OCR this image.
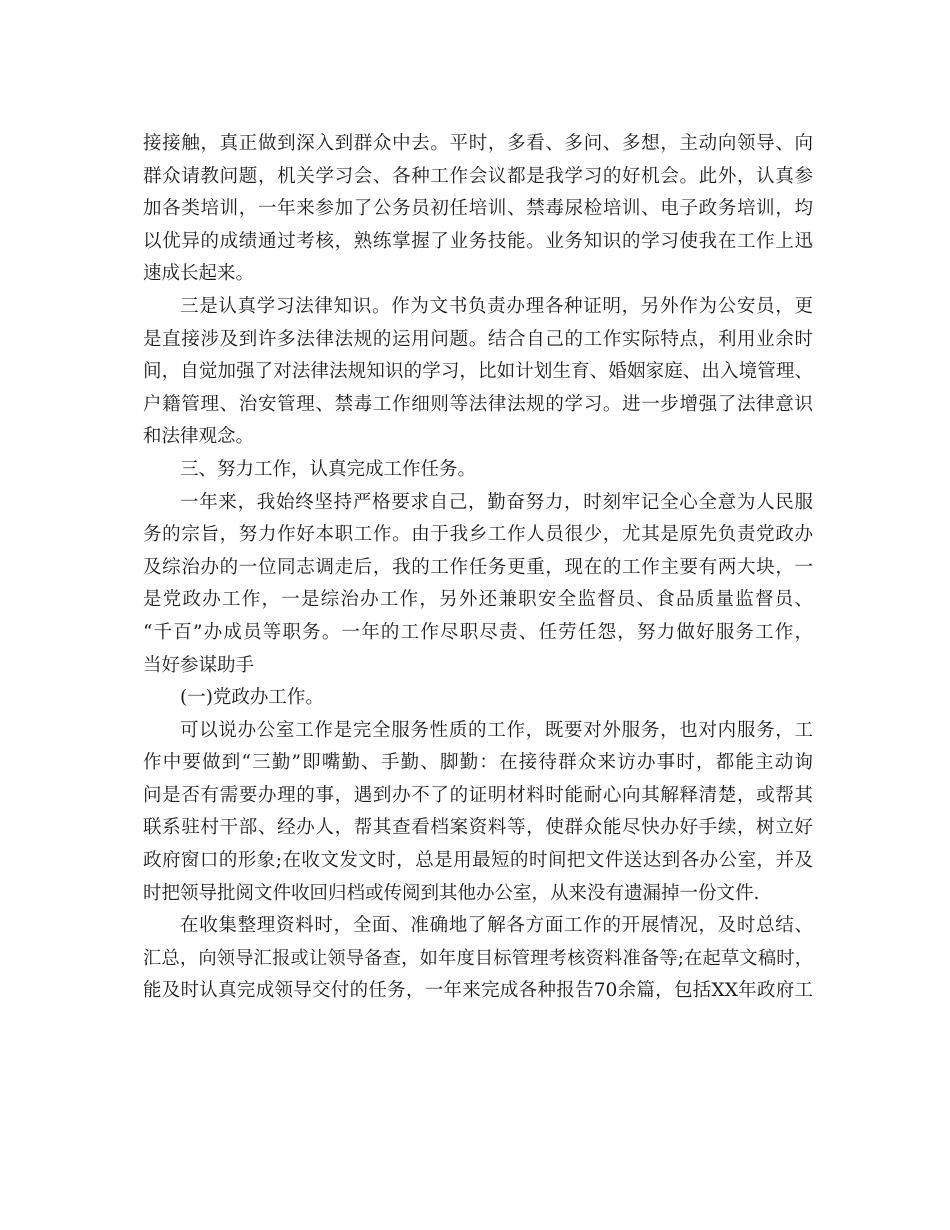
接接触，真正做到深入到群众中去。平时，多看、多问、多想，主动向领导、向
群众请教问题，机关学习会、各种工作会议都是我学习的好机会。此外，认真参
加各类培训，一年来参加了公务员初任培训、禁毒尿检培训、电子政务培训，均
以优异的成绩通过考核，熟练掌握了业务技能。业务知识的学习使我在工作上迅
速成长起来。
三是认真学习法律知识。作为文书负责办理各种证明，另外作为公安员，更
是直接涉及到许多法律法规的运用问题。结合自己的工作实际特点，利用业余时
间，自觉加强了对法律法规知识的学习，比如计划生育、婚姻家庭、出入境管理、
户籍管理、治安管理、禁毒工作细则等法律法规的学习。进一步增强了法律意识
和法律观念。
三、努力工作，认真完成工作任务。
一年来，我始终坚持严格要求自己，勤奋努力，时刻牢记全心全意为人民服
务的宗旨，努力作好本职工作。由于我乡工作人员很少，尤其是原先负责党政办
及综治办的一位同志调走后，我的工作任务更重，现在的工作主要有两大块，一
是党政办工作，一是综治办工作，另外还兼职安全监督员、食品质量监督员、
“千百”办成员等职务。一年的工作尽职尽责、任劳任怨，努力做好服务工作，
当好参谋助手
(一)党政办工作。
可以说办公室工作是完全服务性质的工作，既要对外服务，也对内服务，工
作中要做到“三勤”即嘴勤、手勤、脚勤：在接待群众来访办事时，都能主动询
问是否有需要办理的事，遇到办不了的证明材料时能耐心向其解释清楚，或帮其
联系驻村干部、经办人，帮其查看档案资料等，使群众能尽快办好手续，树立好
政府窗口的形象;在收文发文时，总是用最短的时间把文件送达到各办公室，并及
时把领导批阅文件收回归档或传阅到其他办公室，从来没有遗漏掉一份文件.
在收集整理资料时，全面、准确地了解各方面工作的开展情况，及时总结、
汇总，向领导汇报或让领导备查，如年度目标管理考核资料准备等;在起草文稿时，
能及时认真完成领导交付的任务，一年来完成各种报告70余篇，包括XX年政府工
